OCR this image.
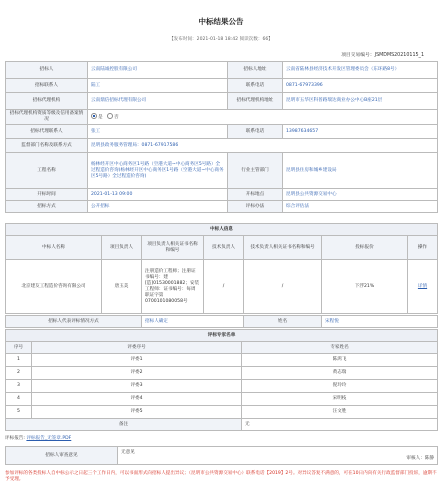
中标结果公告
【发布时间：2021-01-18 18:42 阅读次数：66】
项目交易编号：JSMDMS20210115_1
招标人	云南陆诚控股有限公司	招标人地址	云南省陆林县经济技术开发区管理委员会（东环路8号）
招标联系人	陆工	联系电话	0871-67973396
招标代理机构	云南鼎信招标代理有限公司	招标代理机构地址	昆明市五华区科普路瑞达商业办公中心B座21层
招标代理机构资质等级及信用备案情况	是 否		
招标代理联系人	张工	联系电话	13987634657
监督部门名称及联系方式	昆明县政务服务管理局：0871-67917586		
工程名称	杨林经开区中心商务区1号路（空港大道~中心商务区5号路）全过程造价咨询(杨林经开区中心商务区1号路（空港大道~中心商务区5号路）全过程造价咨询)	行业主管部门	昆明县住房和城乡建设局
开标时间	2021-01-13 09:00	开标地点	昆明县公共资源交易中心
招标方式	公开招标	评标办法	综合评估法
中标人信息						
中标人名称	项目负责人	项目负责人相关证书名称和编号	技术负责人	技术负责人相关证书名称和编号	投标报价	操作
北京建友工程造价咨询有限公司	唐玉美	注册造价工程师；注册证书编号：建[造]01530001882；安装工程师：证书编号：每周职证字第0700101080058号	/	/	下浮21%	详情
招标人代表评标情况方式	招标人确定	姓名	宋程悦
评标专家名单		
序号	评委序号	专家姓名
1	评委1	陈鸿飞
2	评委2	黄志瑞
3	评委3	倪玲玲
4	评委4	宋明枝
5	评委5	汪文胜
备注		无
评标报告: 评标报告_无签章.PDF
招标人审查意见	
无意见
审核人：陈静
参加评标的各类投标人自中标公示之日起三个工作日内，可以书面形式向招标人提出异议；（昆明市公共资源交易中心）联系电话【2019】2号。对异议答复不满意的，可在10日内向有关行政监督部门投诉，逾期不予受理。
